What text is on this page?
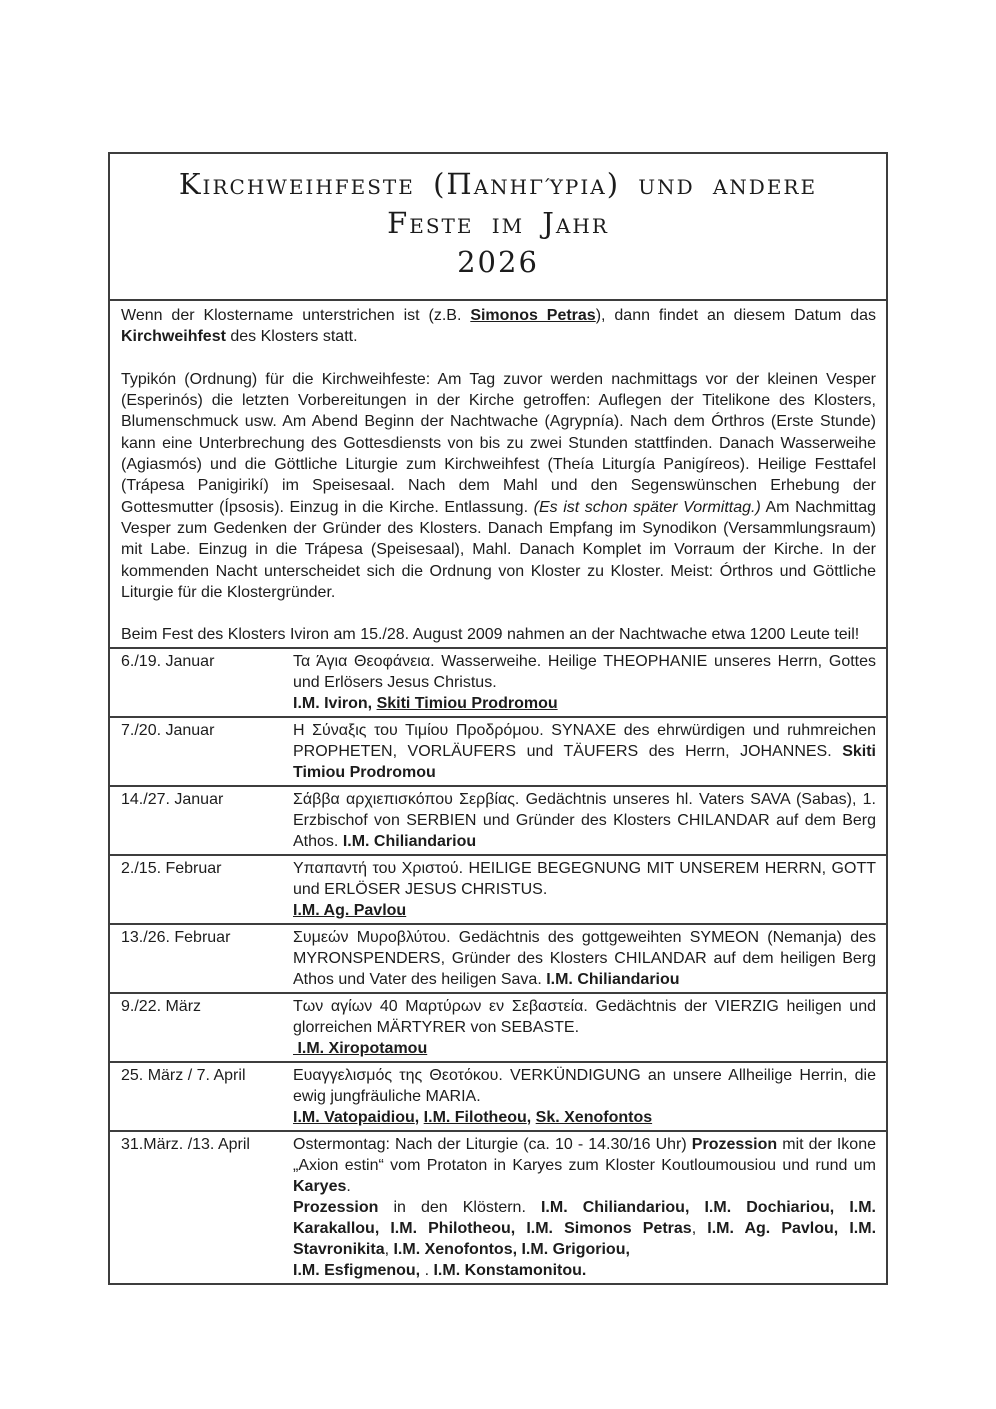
Kirchweihfeste (Πανηγύρια) und andere Feste im Jahr
2026

Wenn der Klostername unterstrichen ist (z.B. Simonos Petras), dann findet an diesem Datum das Kirchweihfest des Klosters statt.

Typikón (Ordnung) für die Kirchweihfeste: Am Tag zuvor werden nachmittags vor der kleinen Vesper (Esperinós) die letzten Vorbereitungen in der Kirche getroffen: Auflegen der Titelikone des Klosters, Blumenschmuck usw. Am Abend Beginn der Nachtwache (Agrypnía). Nach dem Órthros (Erste Stunde) kann eine Unterbrechung des Gottesdiensts von bis zu zwei Stunden stattfinden. Danach Wasserweihe (Agiasmós) und die Göttliche Liturgie zum Kirchweihfest (Theía Liturgía Panigíreos). Heilige Festtafel (Trápesa Panigirikí) im Speisesaal. Nach dem Mahl und den Segenswünschen Erhebung der Gottesmutter (Ípsosis). Einzug in die Kirche. Entlassung. (Es ist schon später Vormittag.) Am Nachmittag Vesper zum Gedenken der Gründer des Klosters. Danach Empfang im Synodikon (Versammlungsraum) mit Labe. Einzug in die Trápesa (Speisesaal), Mahl. Danach Komplet im Vorraum der Kirche. In der kommenden Nacht unterscheidet sich die Ordnung von Kloster zu Kloster. Meist: Órthros und Göttliche Liturgie für die Klostergründer.

Beim Fest des Klosters Iviron am 15./28. August 2009 nahmen an der Nachtwache etwa 1200 Leute teil!

6./19. Januar	Τα Άγια Θεοφάνεια. Wasserweihe. Heilige THEOPHANIE unseres Herrn, Gottes und Erlösers Jesus Christus.
I.M. Iviron, Skiti Timiou Prodromou
7./20. Januar	Η Σύναξις του Τιμίου Προδρόμου. SYNAXE des ehrwürdigen und ruhmreichen PROPHETEN, VORLÄUFERS und TÄUFERS des Herrn, JOHANNES. Skiti Timiou Prodromou
14./27. Januar	Σάββα αρχιεπισκόπου Σερβίας. Gedächtnis unseres hl. Vaters SAVA (Sabas), 1. Erzbischof von SERBIEN und Gründer des Klosters CHILANDAR auf dem Berg Athos. I.M. Chiliandariou
2./15. Februar	Υπαπαντή του Χριστού. HEILIGE BEGEGNUNG MIT UNSEREM HERRN, GOTT und ERLÖSER JESUS CHRISTUS.
I.M. Ag. Pavlou
13./26. Februar	Συμεών Μυροβλύτου. Gedächtnis des gottgeweihten SYMEON (Nemanja) des MYRONSPENDERS, Gründer des Klosters CHILANDAR auf dem heiligen Berg Athos und Vater des heiligen Sava. I.M. Chiliandariou
9./22. März	Των αγίων 40 Μαρτύρων εν Σεβαστεία. Gedächtnis der VIERZIG heiligen und glorreichen MÄRTYRER von SEBASTE.
I.M. Xiropotamou
25. März / 7. April	Ευαγγελισμός της Θεοτόκου. VERKÜNDIGUNG an unsere Allheilige Herrin, die ewig jungfräuliche MARIA.
I.M. Vatopaidiou, I.M. Filotheou, Sk. Xenofontos
31.März. /13. April	Ostermontag: Nach der Liturgie (ca. 10 - 14.30/16 Uhr) Prozession mit der Ikone „Axion estin“ vom Protaton in Karyes zum Kloster Koutloumousiou und rund um Karyes.
Prozession in den Klöstern. I.M. Chiliandariou, I.M. Dochiariou, I.M. Karakallou, I.M. Philotheou, I.M. Simonos Petras, I.M. Ag. Pavlou, I.M. Stavronikita, I.M. Xenofontos, I.M. Grigoriou,
I.M. Esfigmenou, . I.M. Konstamonitou.
